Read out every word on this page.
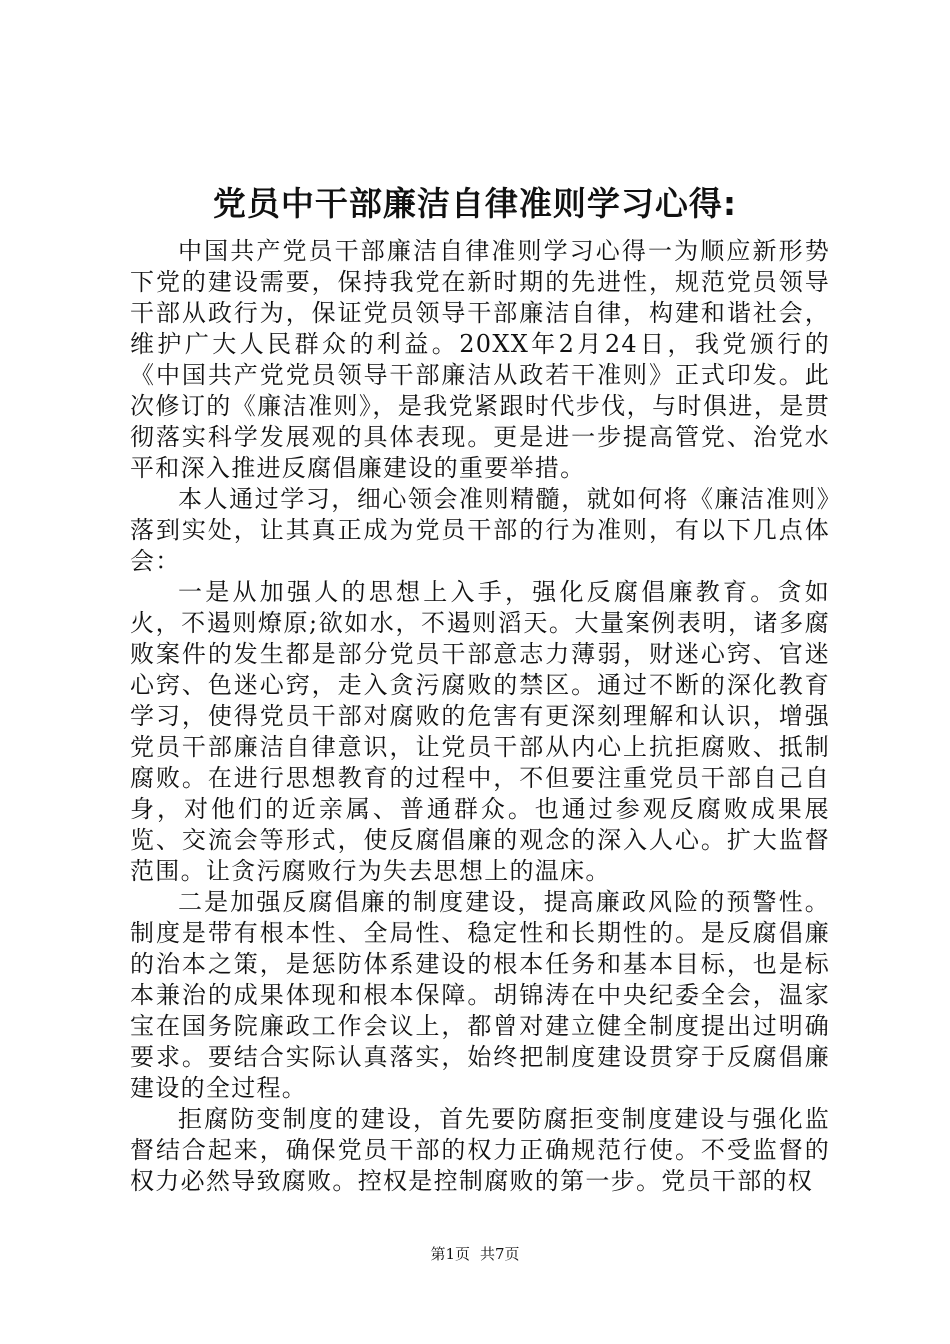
党员中干部廉洁自律准则学习心得:

中国共产党员干部廉洁自律准则学习心得一为顺应新形势下党的建设需要，保持我党在新时期的先进性，规范党员领导干部从政行为，保证党员领导干部廉洁自律，构建和谐社会，维护广大人民群众的利益。20XX年2月24日，我党颁行的《中国共产党党员领导干部廉洁从政若干准则》正式印发。此次修订的《廉洁准则》，是我党紧跟时代步伐，与时俱进，是贯彻落实科学发展观的具体表现。更是进一步提高管党、治党水平和深入推进反腐倡廉建设的重要举措。

本人通过学习，细心领会准则精髓，就如何将《廉洁准则》落到实处，让其真正成为党员干部的行为准则，有以下几点体会：

一是从加强人的思想上入手，强化反腐倡廉教育。贪如火，不遏则燎原;欲如水，不遏则滔天。大量案例表明，诸多腐败案件的发生都是部分党员干部意志力薄弱，财迷心窍、官迷心窍、色迷心窍，走入贪污腐败的禁区。通过不断的深化教育学习，使得党员干部对腐败的危害有更深刻理解和认识，增强党员干部廉洁自律意识，让党员干部从内心上抗拒腐败、抵制腐败。在进行思想教育的过程中，不但要注重党员干部自己自身，对他们的近亲属、普通群众。也通过参观反腐败成果展览、交流会等形式，使反腐倡廉的观念的深入人心。扩大监督范围。让贪污腐败行为失去思想上的温床。

二是加强反腐倡廉的制度建设，提高廉政风险的预警性。制度是带有根本性、全局性、稳定性和长期性的。是反腐倡廉的治本之策，是惩防体系建设的根本任务和基本目标，也是标本兼治的成果体现和根本保障。胡锦涛在中央纪委全会，温家宝在国务院廉政工作会议上，都曾对建立健全制度提出过明确要求。要结合实际认真落实，始终把制度建设贯穿于反腐倡廉建设的全过程。

拒腐防变制度的建设，首先要防腐拒变制度建设与强化监督结合起来，确保党员干部的权力正确规范行使。不受监督的权力必然导致腐败。控权是控制腐败的第一步。党员干部的权

第1页 共7页
